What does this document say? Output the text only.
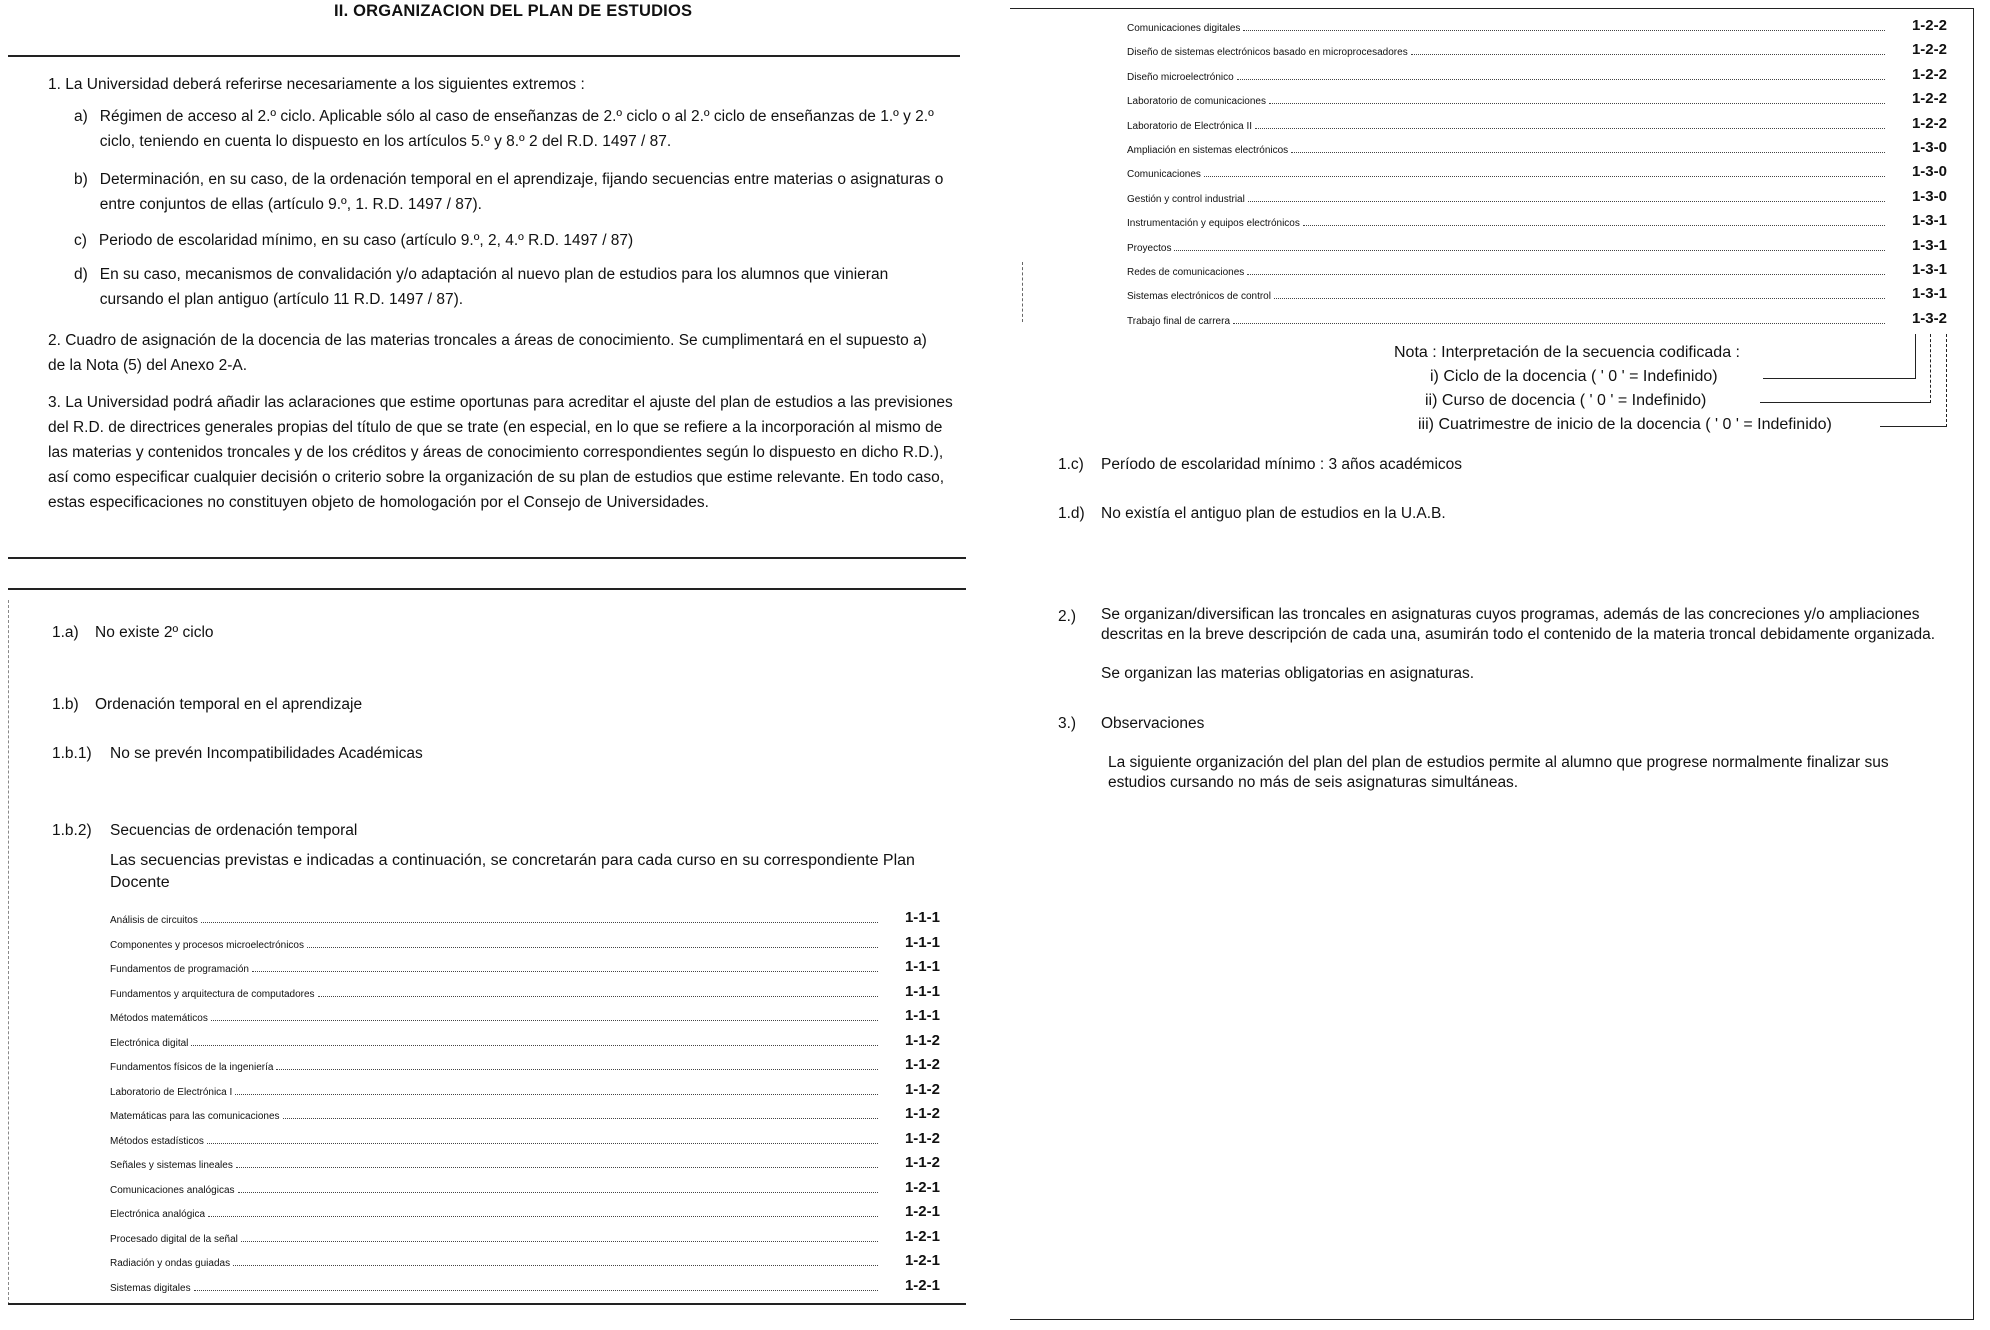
II. ORGANIZACION DEL PLAN DE ESTUDIOS
1. La Universidad deberá referirse necesariamente a los siguientes extremos :
a) Régimen de acceso al 2.º ciclo. Aplicable sólo al caso de enseñanzas de 2.º ciclo o al 2.º ciclo de enseñanzas de 1.º y 2.º ciclo, teniendo en cuenta lo dispuesto en los artículos 5.º y 8.º 2 del R.D. 1497 / 87.
b) Determinación, en su caso, de la ordenación temporal en el aprendizaje, fijando secuencias entre materias o asignaturas o entre conjuntos de ellas (artículo 9.º, 1. R.D. 1497 / 87).
c) Periodo de escolaridad mínimo, en su caso (artículo 9.º, 2, 4.º R.D. 1497 / 87)
d) En su caso, mecanismos de convalidación y/o adaptación al nuevo plan de estudios para los alumnos que vinieran cursando el plan antiguo (artículo 11 R.D. 1497 / 87).
2. Cuadro de asignación de la docencia de las materias troncales a áreas de conocimiento. Se cumplimentará en el supuesto a) de la Nota (5) del Anexo 2-A.
3. La Universidad podrá añadir las aclaraciones que estime oportunas para acreditar el ajuste del plan de estudios a las previsiones del R.D. de directrices generales propias del título de que se trate (en especial, en lo que se refiere a la incorporación al mismo de las materias y contenidos troncales y de los créditos y áreas de conocimiento correspondientes según lo dispuesto en dicho R.D.), así como especificar cualquier decisión o criterio sobre la organización de su plan de estudios que estime relevante. En todo caso, estas especificaciones no constituyen objeto de homologación por el Consejo de Universidades.
1.a) No existe 2º ciclo
1.b) Ordenación temporal en el aprendizaje
1.b.1) No se prevén Incompatibilidades Académicas
1.b.2) Secuencias de ordenación temporal
Las secuencias previstas e indicadas a continuación, se concretarán para cada curso en su correspondiente Plan Docente
Análisis de circuitos	1-1-1
Componentes y procesos microelectrónicos	1-1-1
Fundamentos de programación	1-1-1
Fundamentos y arquitectura de computadores	1-1-1
Métodos matemáticos	1-1-1
Electrónica digital	1-1-2
Fundamentos físicos de la ingeniería	1-1-2
Laboratorio de Electrónica I	1-1-2
Matemáticas para las comunicaciones	1-1-2
Métodos estadísticos	1-1-2
Señales y sistemas lineales	1-1-2
Comunicaciones analógicas	1-2-1
Electrónica analógica	1-2-1
Procesado digital de la señal	1-2-1
Radiación y ondas guiadas	1-2-1
Sistemas digitales	1-2-1
Comunicaciones digitales	1-2-2
Diseño de sistemas electrónicos basado en microprocesadores	1-2-2
Diseño microelectrónico	1-2-2
Laboratorio de comunicaciones	1-2-2
Laboratorio de Electrónica II	1-2-2
Ampliación en sistemas electrónicos	1-3-0
Comunicaciones	1-3-0
Gestión y control industrial	1-3-0
Instrumentación y equipos electrónicos	1-3-1
Proyectos	1-3-1
Redes de comunicaciones	1-3-1
Sistemas electrónicos de control	1-3-1
Trabajo final de carrera	1-3-2
Nota : Interpretación de la secuencia codificada :
i) Ciclo de la docencia ( ' 0 ' = Indefinido)
ii) Curso de docencia ( ' 0 ' = Indefinido)
iii) Cuatrimestre de inicio de la docencia ( ' 0 ' = Indefinido)
1.c) Período de escolaridad mínimo : 3 años académicos
1.d) No existía el antiguo plan de estudios en la U.A.B.
2.) Se organizan/diversifican las troncales en asignaturas cuyos programas, además de las concreciones y/o ampliaciones descritas en la breve descripción de cada una, asumirán todo el contenido de la materia troncal debidamente organizada.
Se organizan las materias obligatorias en asignaturas.
3.) Observaciones
La siguiente organización del plan del plan de estudios permite al alumno que progrese normalmente finalizar sus estudios cursando no más de seis asignaturas simultáneas.
